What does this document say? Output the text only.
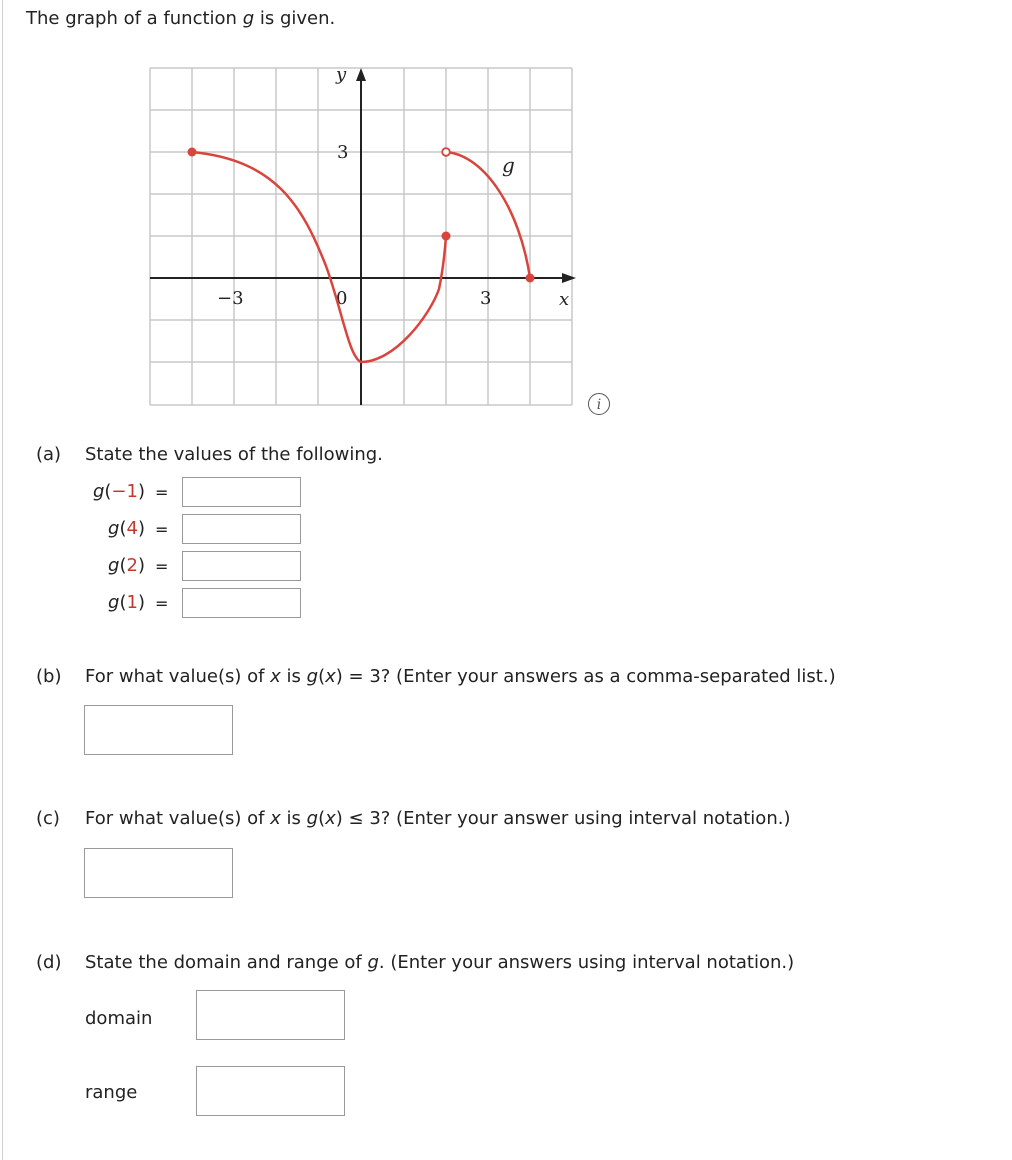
The graph of a function g is given.
y
x
3
0
−3	3
g
i
(a) State the values of the following.
g(−1) =
g(4) =
g(2) =
g(1) =
(b) For what value(s) of x is g(x) = 3? (Enter your answers as a comma-separated list.)
(c) For what value(s) of x is g(x) ≤ 3? (Enter your answer using interval notation.)
(d) State the domain and range of g. (Enter your answers using interval notation.)
domain
range
